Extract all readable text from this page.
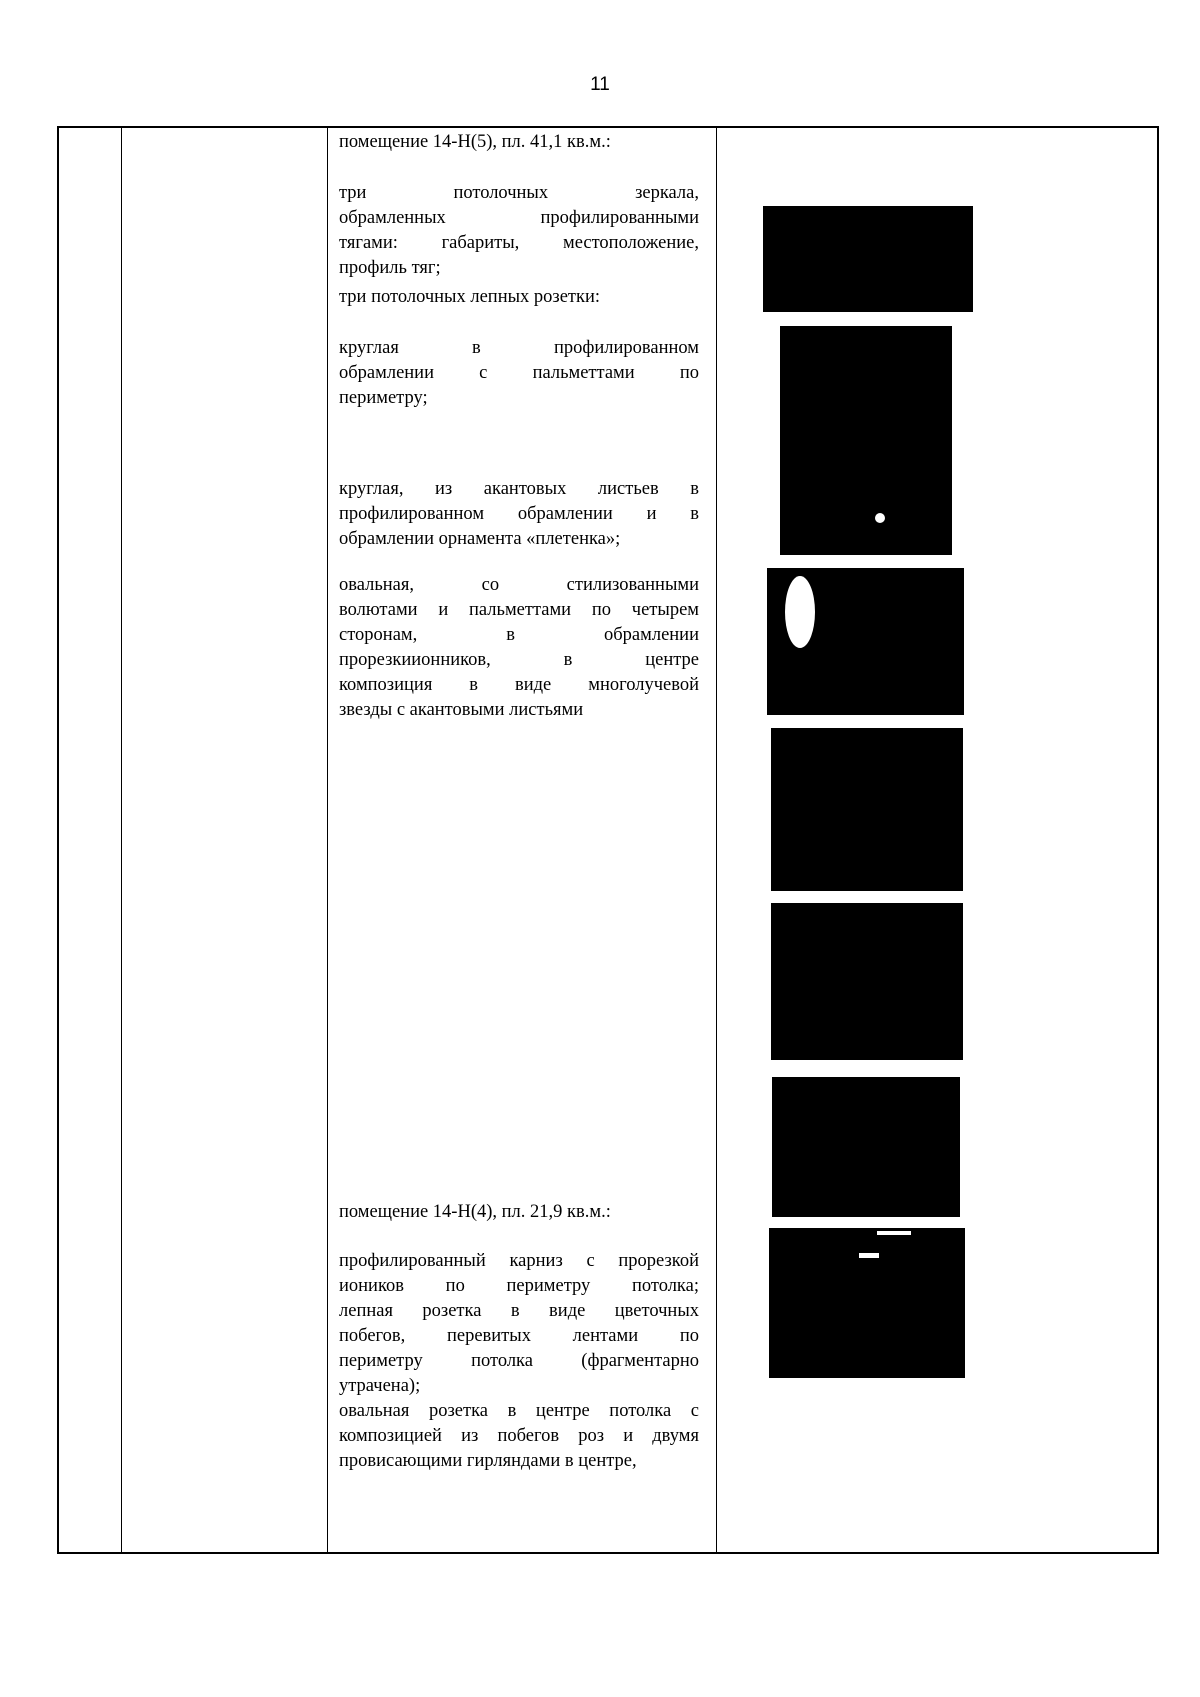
11
помещение 14-Н(5), пл. 41,1 кв.м.:
три потолочных зеркала,
обрамленных профилированными
тягами: габариты, местоположение,
профиль тяг;
три потолочных лепных розетки:
круглая в профилированном
обрамлении с пальметтами по
периметру;
круглая, из акантовых листьев в
профилированном обрамлении и в
обрамлении орнамента «плетенка»;
овальная, со стилизованными
волютами и пальметтами по четырем
сторонам, в обрамлении
прорезкиионников, в центре
композиция в виде многолучевой
звезды с акантовыми листьями
помещение 14-Н(4), пл. 21,9 кв.м.:
профилированный карниз с прорезкой
иоников по периметру потолка;
лепная розетка в виде цветочных
побегов, перевитых лентами по
периметру потолка (фрагментарно
утрачена);
овальная розетка в центре потолка с
композицией из побегов роз и двумя
провисающими гирляндами в центре,
